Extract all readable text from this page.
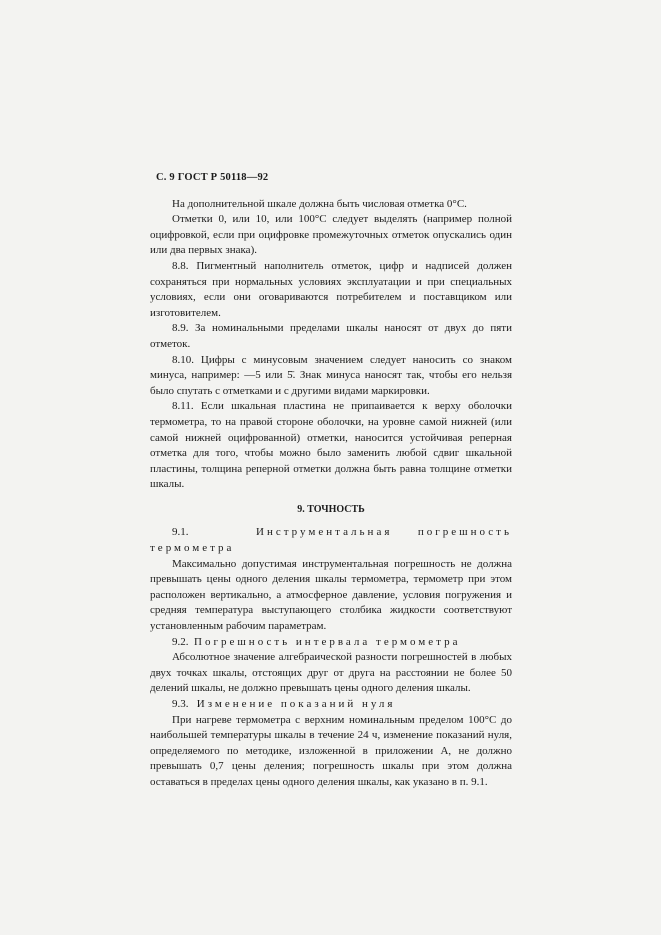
С. 9 ГОСТ Р 50118—92

На дополнительной шкале должна быть числовая отметка 0°С.

Отметки 0, или 10, или 100°С следует выделять (например полной оцифровкой, если при оцифровке промежуточных отметок опускались один или два первых знака).

8.8. Пигментный наполнитель отметок, цифр и надписей должен сохраняться при нормальных условиях эксплуатации и при специальных условиях, если они оговариваются потребителем и поставщиком или изготовителем.

8.9. За номинальными пределами шкалы наносят от двух до пяти отметок.

8.10. Цифры с минусовым значением следует наносить со знаком минуса, например: —5 или 5̄. Знак минуса наносят так, чтобы его нельзя было спутать с отметками и с другими видами маркировки.

8.11. Если шкальная пластина не припаивается к верху оболочки термометра, то на правой стороне оболочки, на уровне самой нижней (или самой нижней оцифрованной) отметки, наносится устойчивая реперная отметка для того, чтобы можно было заменить любой сдвиг шкальной пластины, толщина реперной отметки должна быть равна толщине отметки шкалы.

9. ТОЧНОСТЬ

9.1.	Инструментальная погрешность термометра

Максимально допустимая инструментальная погрешность не должна превышать цены одного деления шкалы термометра, термометр при этом расположен вертикально, а атмосферное давление, условия погружения и средняя температура выступающего столбика жидкости соответствуют установленным рабочим параметрам.

9.2. Погрешность интервала термометра

Абсолютное значение алгебраической разности погрешностей в любых двух точках шкалы, отстоящих друг от друга на расстоянии не более 50 делений шкалы, не должно превышать цены одного деления шкалы.

9.3. Изменение показаний нуля

При нагреве термометра с верхним номинальным пределом 100°С до наибольшей температуры шкалы в течение 24 ч, изменение показаний нуля, определяемого по методике, изложенной в приложении А, не должно превышать 0,7 цены деления; погрешность шкалы при этом должна оставаться в пределах цены одного деления шкалы, как указано в п. 9.1.
